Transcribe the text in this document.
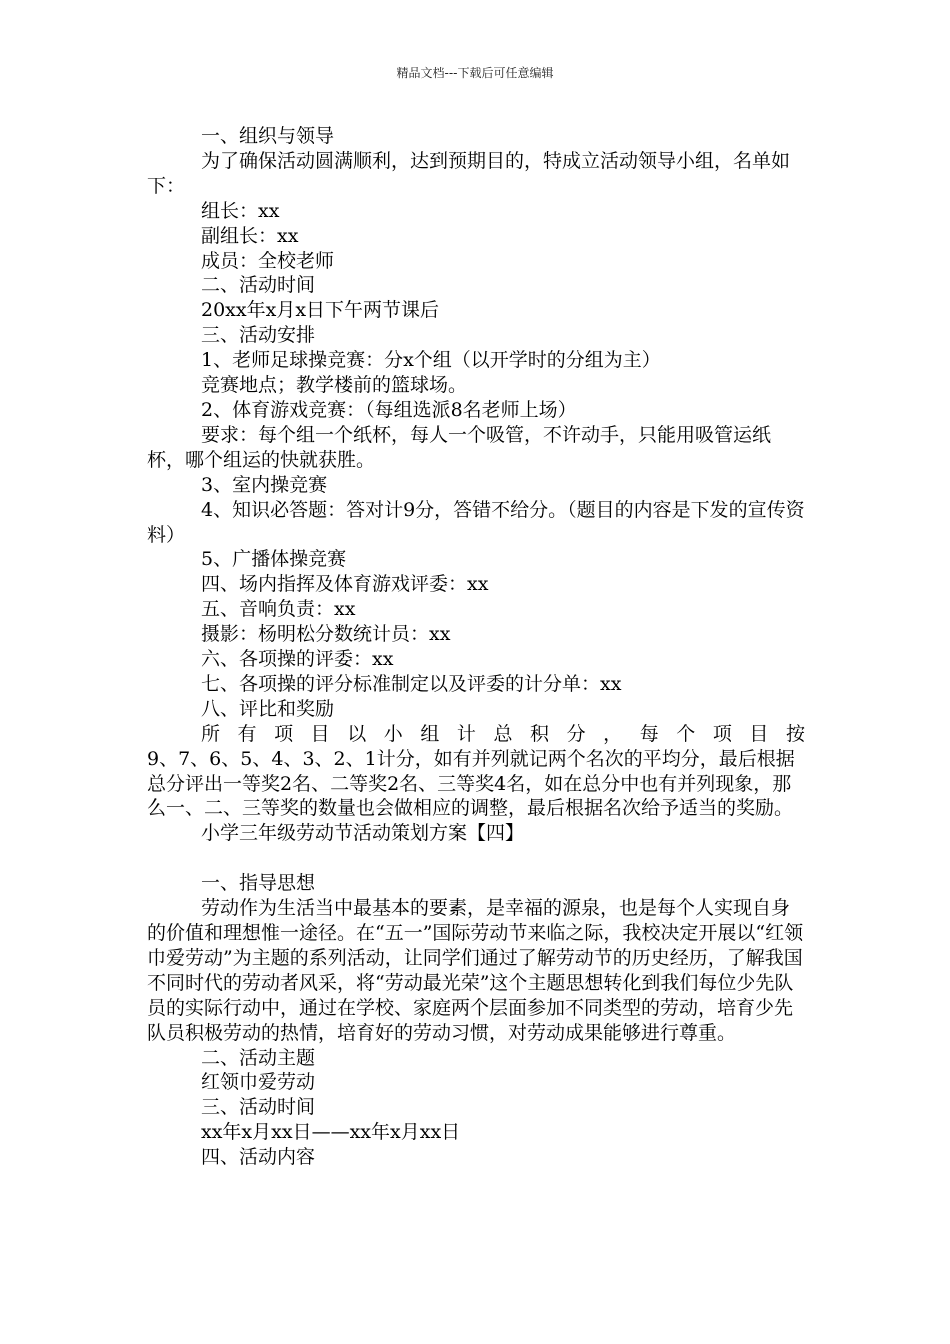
精品文档---下载后可任意编辑

一、组织与领导

为了确保活动圆满顺利，达到预期目的，特成立活动领导小组，名单如下：

组长：xx

副组长：xx

成员：全校老师

二、活动时间

20xx年x月x日下午两节课后

三、活动安排

1、老师足球操竞赛：分x个组（以开学时的分组为主）

竞赛地点；教学楼前的篮球场。

2、体育游戏竞赛：（每组选派8名老师上场）

要求：每个组一个纸杯，每人一个吸管，不许动手，只能用吸管运纸杯，哪个组运的快就获胜。

3、室内操竞赛

4、知识必答题：答对计9分，答错不给分。（题目的内容是下发的宣传资料）

5、广播体操竞赛

四、场内指挥及体育游戏评委：xx

五、音响负责：xx

摄影：杨明松分数统计员：xx

六、各项操的评委：xx

七、各项操的评分标准制定以及评委的计分单：xx

八、评比和奖励

所有项目以小组计总积分，每个项目按

9、7、6、5、4、3、2、1计分，如有并列就记两个名次的平均分，最后根据总分评出一等奖2名、二等奖2名、三等奖4名，如在总分中也有并列现象，那么一、二、三等奖的数量也会做相应的调整，最后根据名次给予适当的奖励。

小学三年级劳动节活动策划方案【四】

一、指导思想

劳动作为生活当中最基本的要素，是幸福的源泉，也是每个人实现自身的价值和理想惟一途径。在“五一”国际劳动节来临之际，我校决定开展以“红领巾爱劳动”为主题的系列活动，让同学们通过了解劳动节的历史经历，了解我国不同时代的劳动者风采，将“劳动最光荣”这个主题思想转化到我们每位少先队员的实际行动中，通过在学校、家庭两个层面参加不同类型的劳动，培育少先队员积极劳动的热情，培育好的劳动习惯，对劳动成果能够进行尊重。

二、活动主题

红领巾爱劳动

三、活动时间

xx年x月xx日——xx年x月xx日

四、活动内容
